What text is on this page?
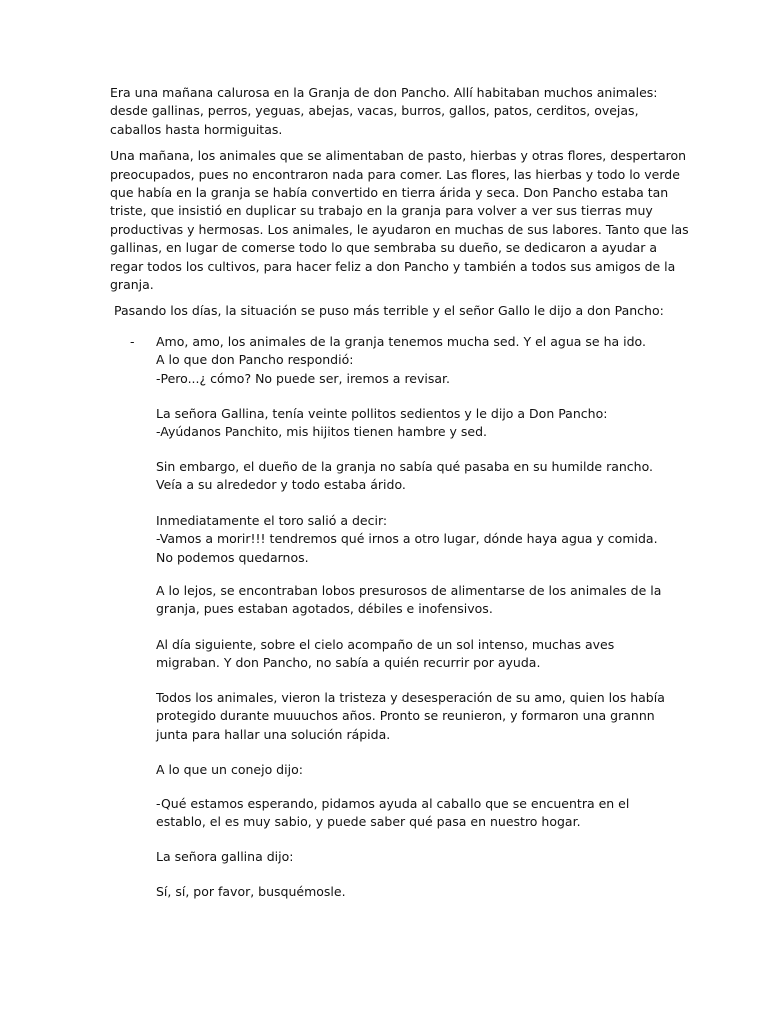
Era una mañana calurosa en la Granja de don Pancho. Allí habitaban muchos animales: desde gallinas, perros, yeguas, abejas, vacas, burros, gallos, patos, cerditos, ovejas, caballos hasta hormiguitas.

Una mañana, los animales que se alimentaban de pasto, hierbas y otras flores, despertaron preocupados, pues no encontraron nada para comer. Las flores, las hierbas y todo lo verde que había en la granja se había convertido en tierra árida y seca. Don Pancho estaba tan triste, que insistió en duplicar su trabajo en la granja para volver a ver sus tierras muy productivas y hermosas. Los animales, le ayudaron en muchas de sus labores. Tanto que las gallinas, en lugar de comerse todo lo que sembraba su dueño, se dedicaron a ayudar a regar todos los cultivos, para hacer feliz a don Pancho y también a todos sus amigos de la granja.

Pasando los días, la situación se puso más terrible y el señor Gallo le dijo a don Pancho:

- Amo, amo, los animales de la granja tenemos mucha sed. Y el agua se ha ido.
A lo que don Pancho respondió:
-Pero...¿ cómo? No puede ser, iremos a revisar.

La señora Gallina, tenía veinte pollitos sedientos y le dijo a Don Pancho:
-Ayúdanos Panchito, mis hijitos tienen hambre y sed.

Sin embargo, el dueño de la granja no sabía qué pasaba en su humilde rancho.
Veía a su alrededor y todo estaba árido.

Inmediatamente el toro salió a decir:
-Vamos a morir!!! tendremos qué irnos a otro lugar, dónde haya agua y comida. No podemos quedarnos.

A lo lejos, se encontraban lobos presurosos de alimentarse de los animales de la granja, pues estaban agotados, débiles e inofensivos.

Al día siguiente, sobre el cielo acompaño de un sol intenso, muchas aves migraban. Y don Pancho, no sabía a quién recurrir por ayuda.

Todos los animales, vieron la tristeza y desesperación de su amo, quien los había protegido durante muuuchos años. Pronto se reunieron, y formaron una grannn junta para hallar una solución rápida.

A lo que un conejo dijo:

-Qué estamos esperando, pidamos ayuda al caballo que se encuentra en el establo, el es muy sabio, y puede saber qué pasa en nuestro hogar.

La señora gallina dijo:

Sí, sí, por favor, busquémosle.
